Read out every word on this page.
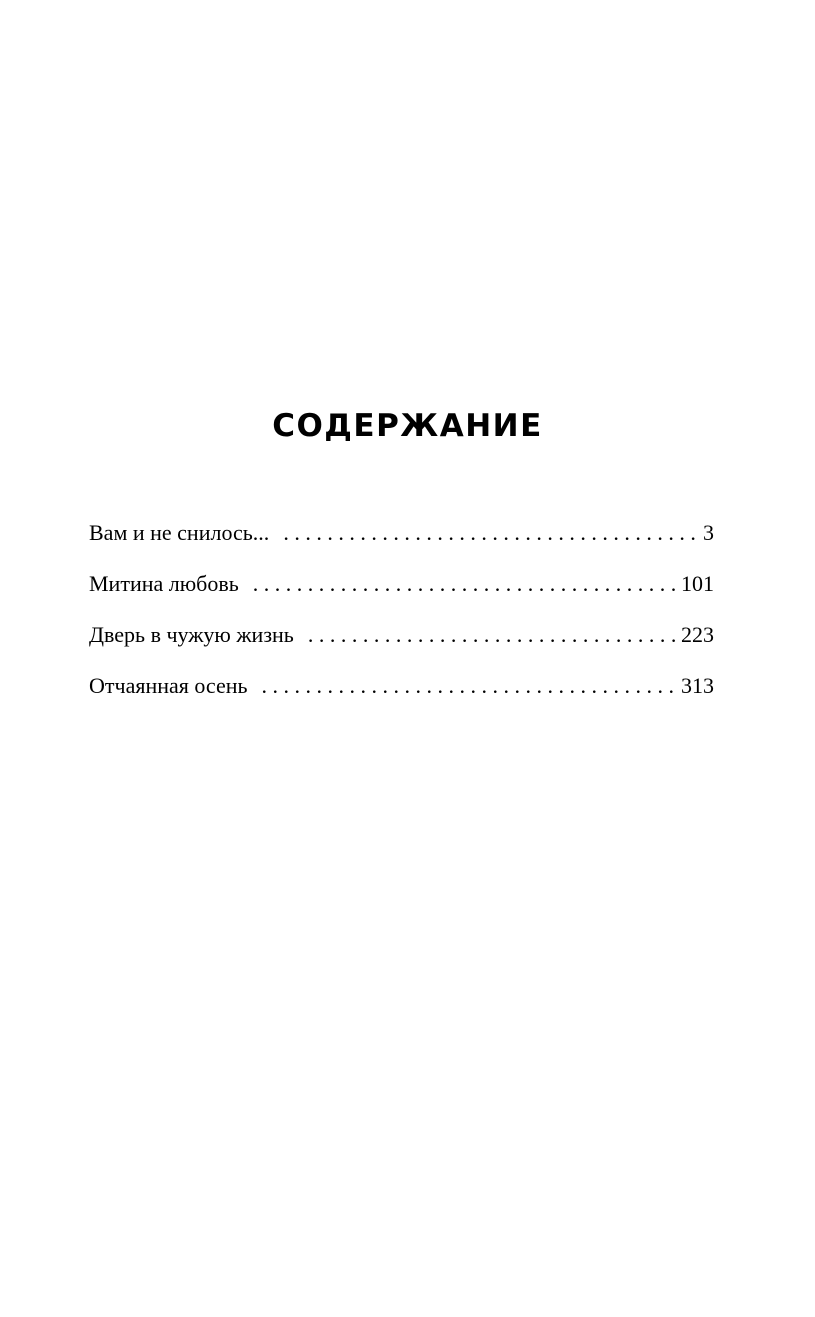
СОДЕРЖАНИЕ
Вам и не снилось... . . .	3
Митина любовь . . .	101
Дверь в чужую жизнь . . .	223
Отчаянная осень . . .	313
